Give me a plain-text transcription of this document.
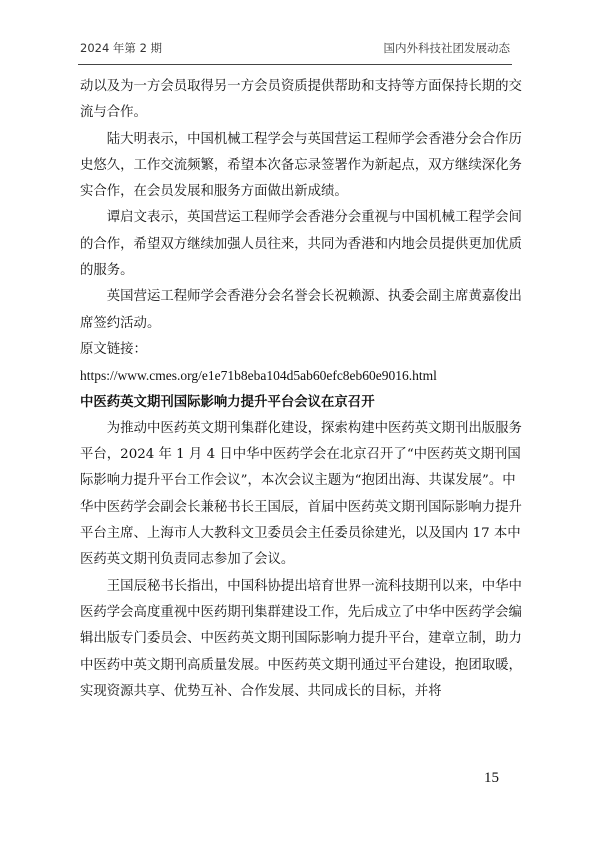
2024 年第 2 期	国内外科技社团发展动态

动以及为一方会员取得另一方会员资质提供帮助和支持等方面保持长期的交流与合作。

陆大明表示，中国机械工程学会与英国营运工程师学会香港分会合作历史悠久，工作交流频繁，希望本次备忘录签署作为新起点，双方继续深化务实合作，在会员发展和服务方面做出新成绩。

谭启文表示，英国营运工程师学会香港分会重视与中国机械工程学会间的合作，希望双方继续加强人员往来，共同为香港和内地会员提供更加优质的服务。

英国营运工程师学会香港分会名誉会长祝赖源、执委会副主席黄嘉俊出席签约活动。

原文链接：

https://www.cmes.org/e1e71b8eba104d5ab60efc8eb60e9016.html

中医药英文期刊国际影响力提升平台会议在京召开

为推动中医药英文期刊集群化建设，探索构建中医药英文期刊出版服务平台，2024 年 1 月 4 日中华中医药学会在北京召开了“中医药英文期刊国际影响力提升平台工作会议”，本次会议主题为“抱团出海、共谋发展”。中华中医药学会副会长兼秘书长王国辰，首届中医药英文期刊国际影响力提升平台主席、上海市人大教科文卫委员会主任委员徐建光，以及国内 17 本中医药英文期刊负责同志参加了会议。

王国辰秘书长指出，中国科协提出培育世界一流科技期刊以来，中华中医药学会高度重视中医药期刊集群建设工作，先后成立了中华中医药学会编辑出版专门委员会、中医药英文期刊国际影响力提升平台，建章立制，助力中医药中英文期刊高质量发展。中医药英文期刊通过平台建设，抱团取暖，实现资源共享、优势互补、合作发展、共同成长的目标，并将

15
